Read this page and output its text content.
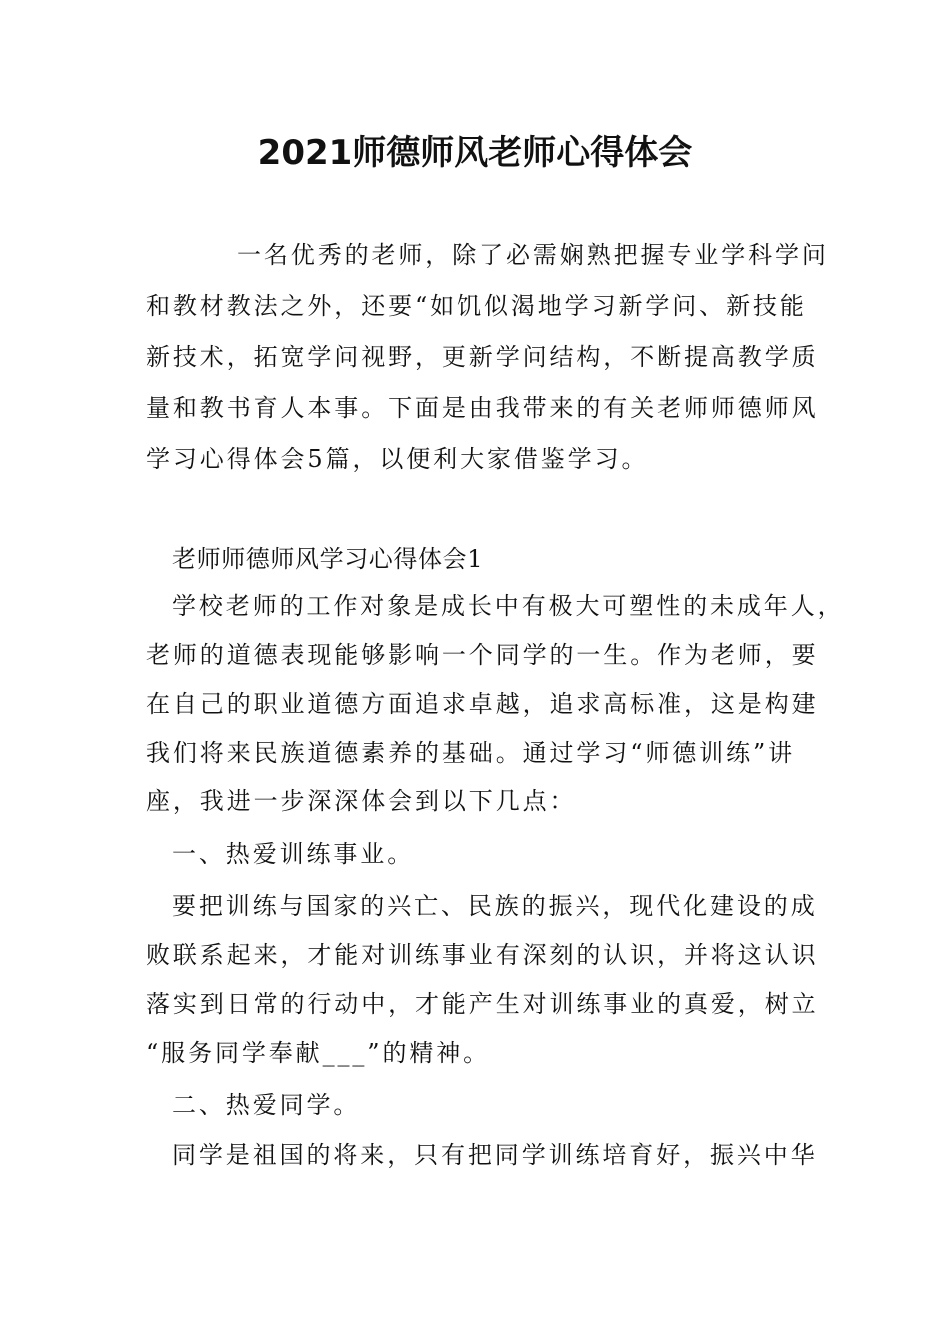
2021师德师风老师心得体会
一名优秀的老师，除了必需娴熟把握专业学科学问
和教材教法之外，还要“如饥似渴地学习新学问、新技能
新技术，拓宽学问视野，更新学问结构，不断提高教学质
量和教书育人本事。下面是由我带来的有关老师师德师风
学习心得体会5篇，以便利大家借鉴学习。
老师师德师风学习心得体会1
学校老师的工作对象是成长中有极大可塑性的未成年人，
老师的道德表现能够影响一个同学的一生。作为老师，要
在自己的职业道德方面追求卓越，追求高标准，这是构建
我们将来民族道德素养的基础。通过学习“师德训练”讲
座，我进一步深深体会到以下几点：
一、热爱训练事业。
要把训练与国家的兴亡、民族的振兴，现代化建设的成
败联系起来，才能对训练事业有深刻的认识，并将这认识
落实到日常的行动中，才能产生对训练事业的真爱，树立
“服务同学奉献___”的精神。
二、热爱同学。
同学是祖国的将来，只有把同学训练培育好，振兴中华
